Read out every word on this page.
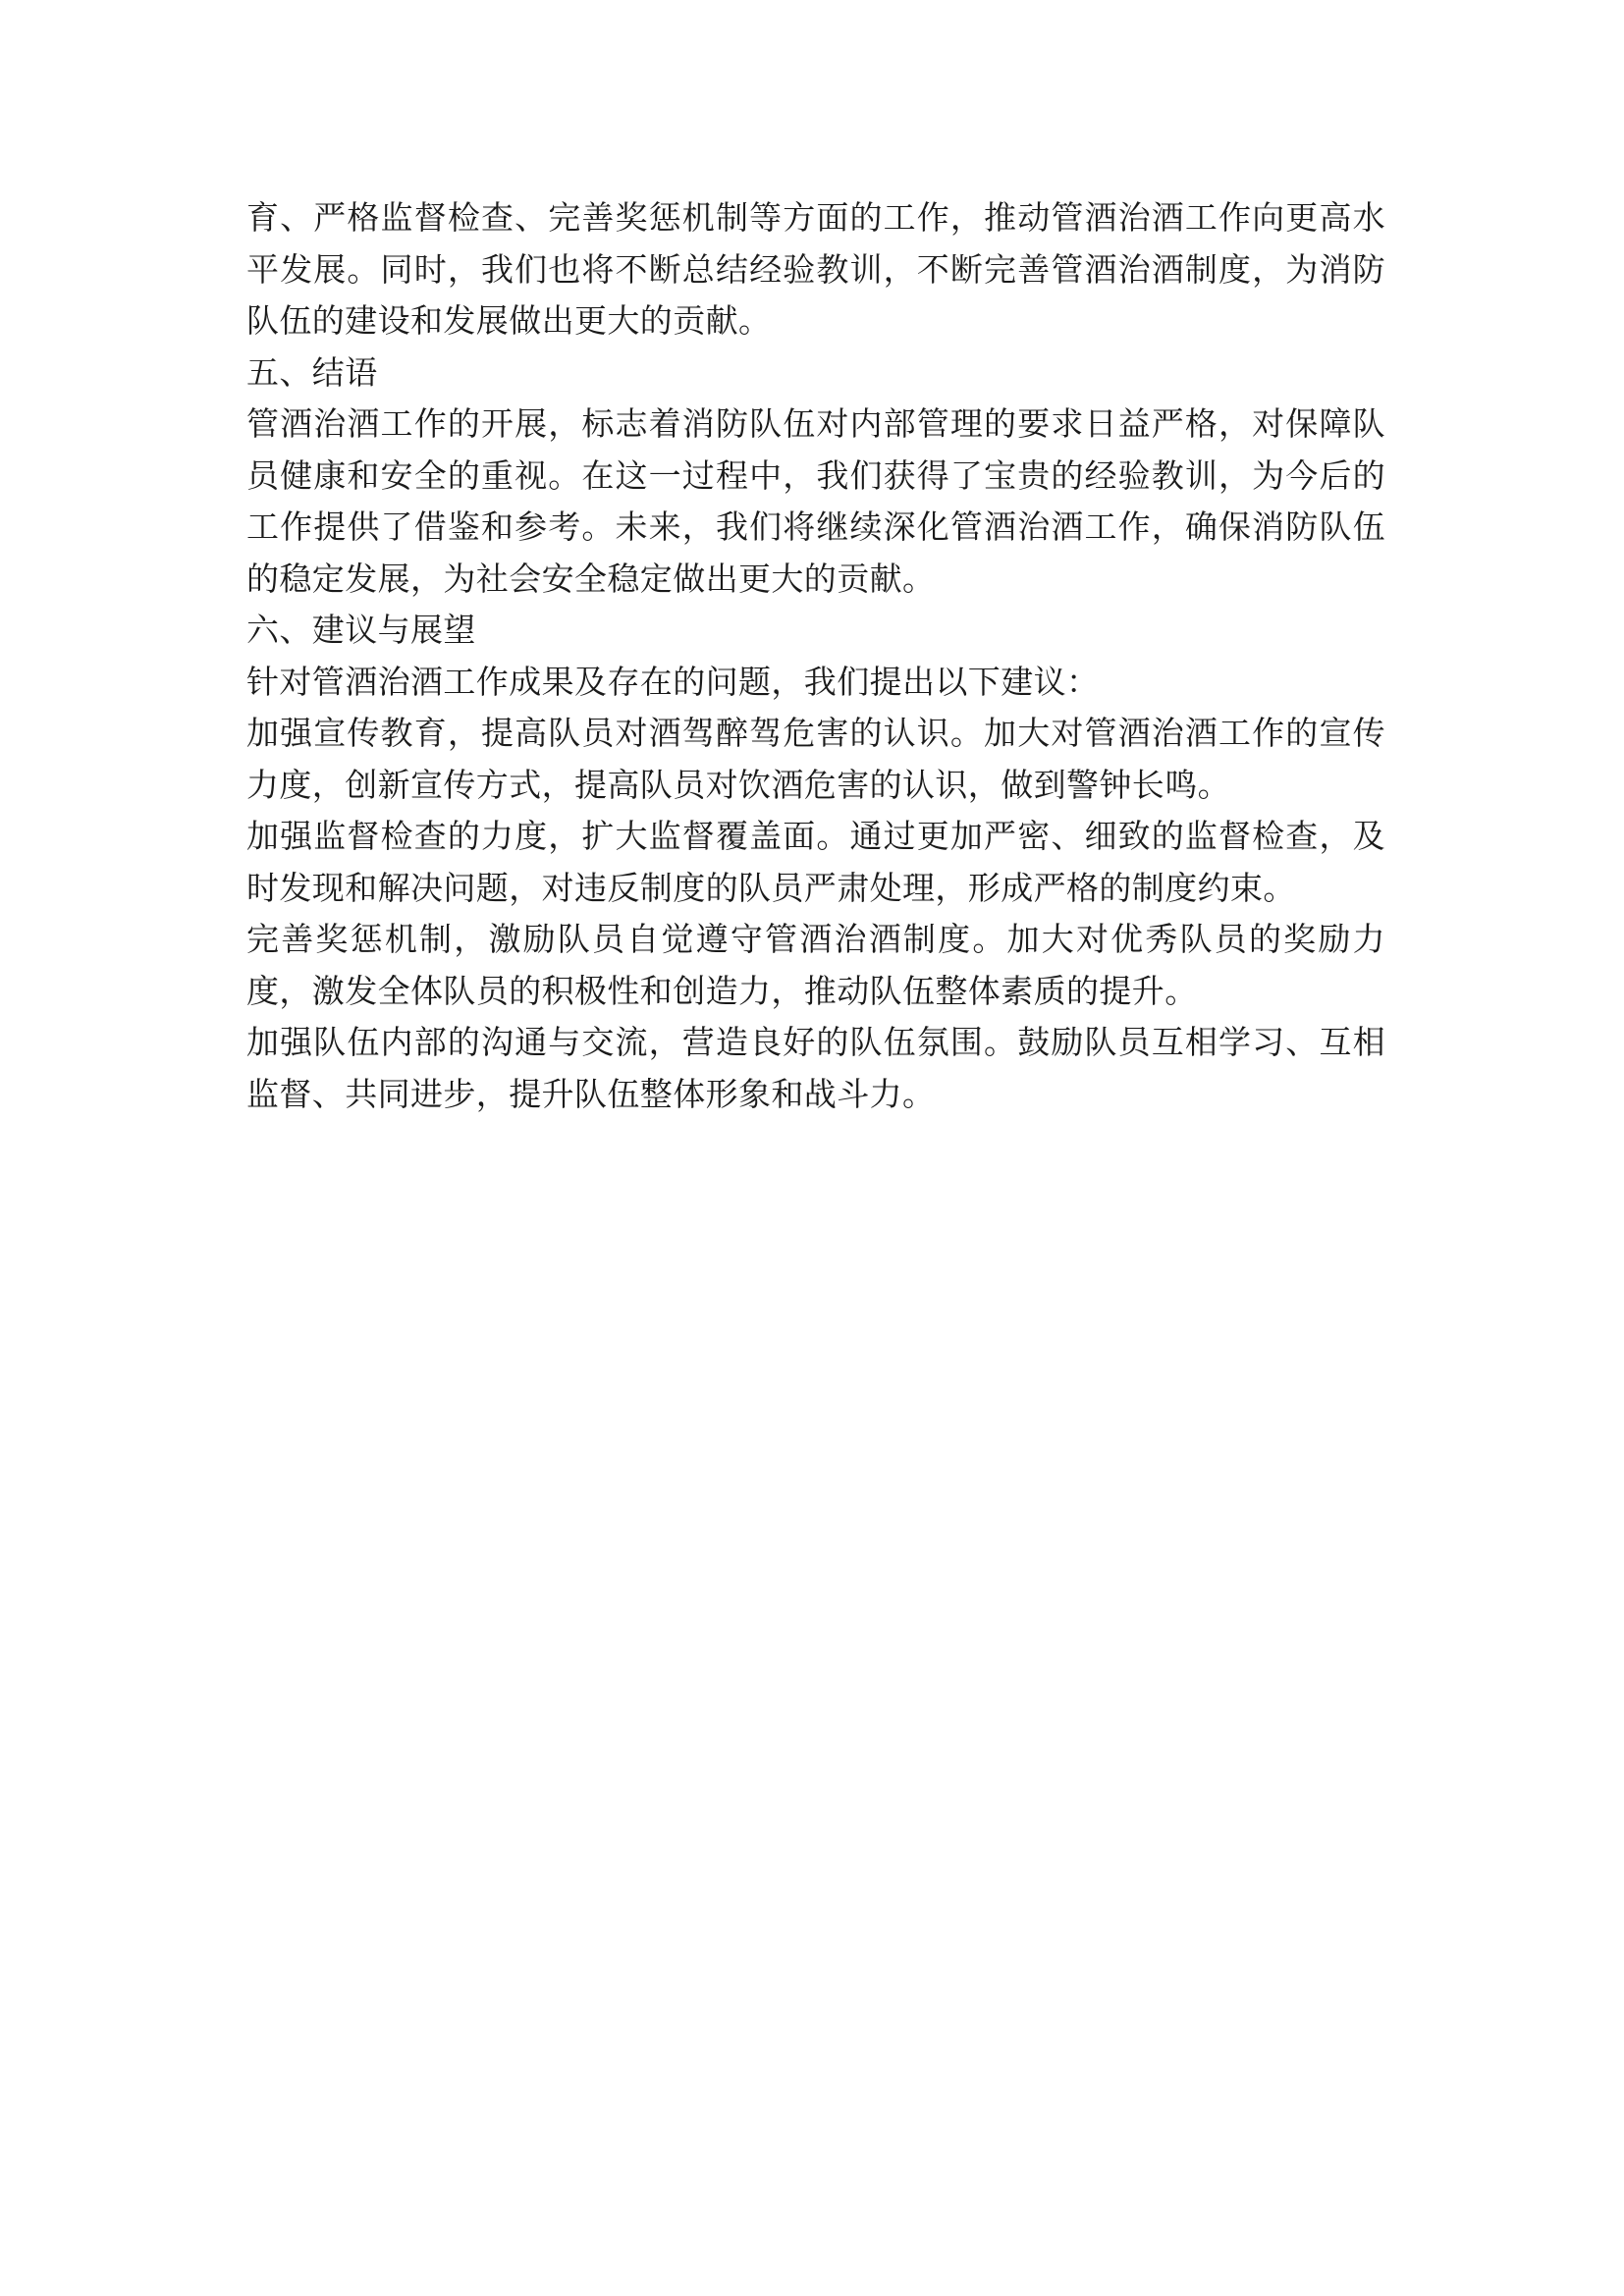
育、严格监督检查、完善奖惩机制等方面的工作，推动管酒治酒工作向更高水平发展。同时，我们也将不断总结经验教训，不断完善管酒治酒制度，为消防队伍的建设和发展做出更大的贡献。

五、结语

管酒治酒工作的开展，标志着消防队伍对内部管理的要求日益严格，对保障队员健康和安全的重视。在这一过程中，我们获得了宝贵的经验教训，为今后的工作提供了借鉴和参考。未来，我们将继续深化管酒治酒工作，确保消防队伍的稳定发展，为社会安全稳定做出更大的贡献。

六、建议与展望

针对管酒治酒工作成果及存在的问题，我们提出以下建议：

加强宣传教育，提高队员对酒驾醉驾危害的认识。加大对管酒治酒工作的宣传力度，创新宣传方式，提高队员对饮酒危害的认识，做到警钟长鸣。

加强监督检查的力度，扩大监督覆盖面。通过更加严密、细致的监督检查，及时发现和解决问题，对违反制度的队员严肃处理，形成严格的制度约束。

完善奖惩机制，激励队员自觉遵守管酒治酒制度。加大对优秀队员的奖励力度，激发全体队员的积极性和创造力，推动队伍整体素质的提升。

加强队伍内部的沟通与交流，营造良好的队伍氛围。鼓励队员互相学习、互相监督、共同进步，提升队伍整体形象和战斗力。
